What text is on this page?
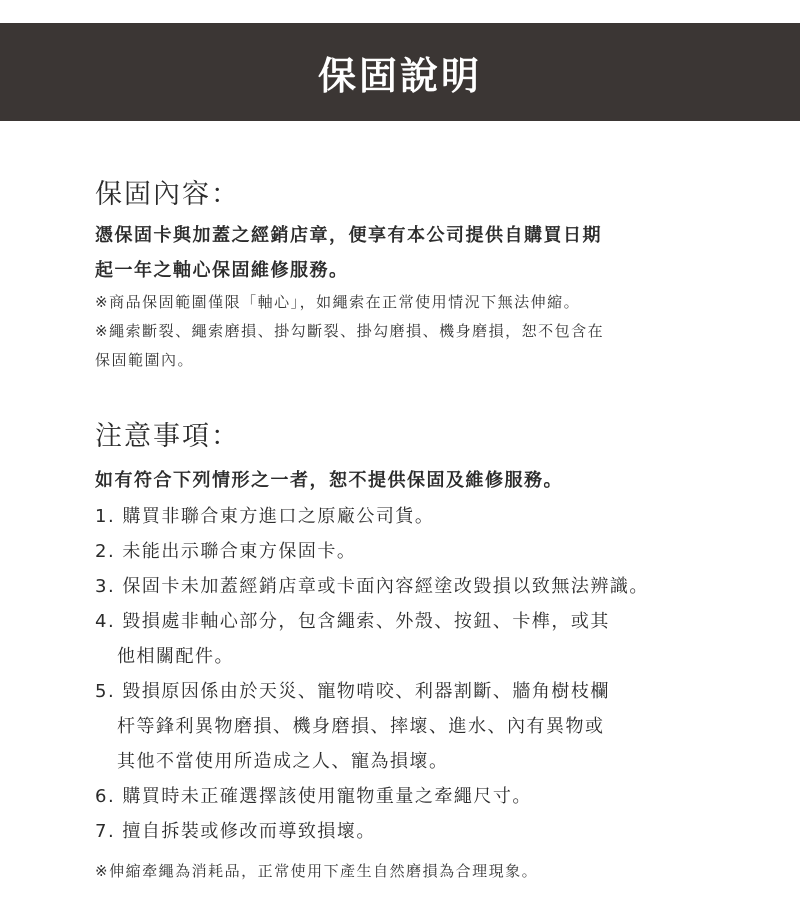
保固說明
保固內容：
憑保固卡與加蓋之經銷店章，便享有本公司提供自購買日期
起一年之軸心保固維修服務。
※商品保固範圍僅限「軸心」，如繩索在正常使用情況下無法伸縮。
※繩索斷裂、繩索磨損、掛勾斷裂、掛勾磨損、機身磨損，恕不包含在
保固範圍內。
注意事項：
如有符合下列情形之一者，恕不提供保固及維修服務。
1. 購買非聯合東方進口之原廠公司貨。
2. 未能出示聯合東方保固卡。
3. 保固卡未加蓋經銷店章或卡面內容經塗改毀損以致無法辨識。
4. 毀損處非軸心部分，包含繩索、外殼、按鈕、卡榫，或其
他相關配件。
5. 毀損原因係由於天災、寵物啃咬、利器割斷、牆角樹枝欄
杆等鋒利異物磨損、機身磨損、摔壞、進水、內有異物或
其他不當使用所造成之人、寵為損壞。
6. 購買時未正確選擇該使用寵物重量之牽繩尺寸。
7. 擅自拆裝或修改而導致損壞。
※伸縮牽繩為消耗品，正常使用下產生自然磨損為合理現象。
